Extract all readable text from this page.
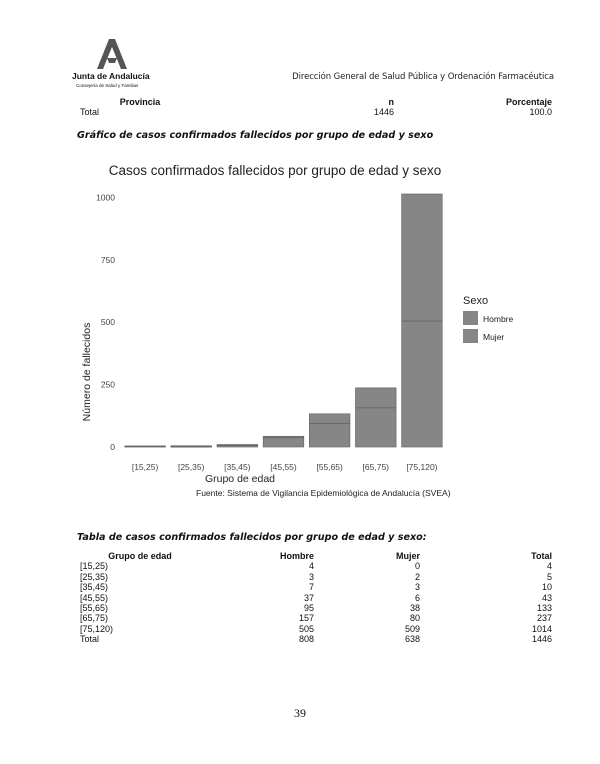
Junta de Andalucía
Consejería de Salud y Familias
Dirección General de Salud Pública y Ordenación Farmacéutica
Provincia	n	Porcentaje
Total	1446	100.0
Gráfico de casos confirmados fallecidos por grupo de edad y sexo
Casos confirmados fallecidos por grupo de edad y sexo
0
250
500
750
1000
[15,25) [25,35) [35,45) [45,55) [55,65) [65,75) [75,120)
Grupo de edad
Número de fallecidos
Sexo
Hombre
Mujer
Fuente: Sistema de Vigilancia Epidemiológica de Andalucía (SVEA)
Tabla de casos confirmados fallecidos por grupo de edad y sexo:
Grupo de edad	Hombre	Mujer	Total
[15,25)	4	0	4
[25,35)	3	2	5
[35,45)	7	3	10
[45,55)	37	6	43
[55,65)	95	38	133
[65,75)	157	80	237
[75,120)	505	509	1014
Total	808	638	1446
39
